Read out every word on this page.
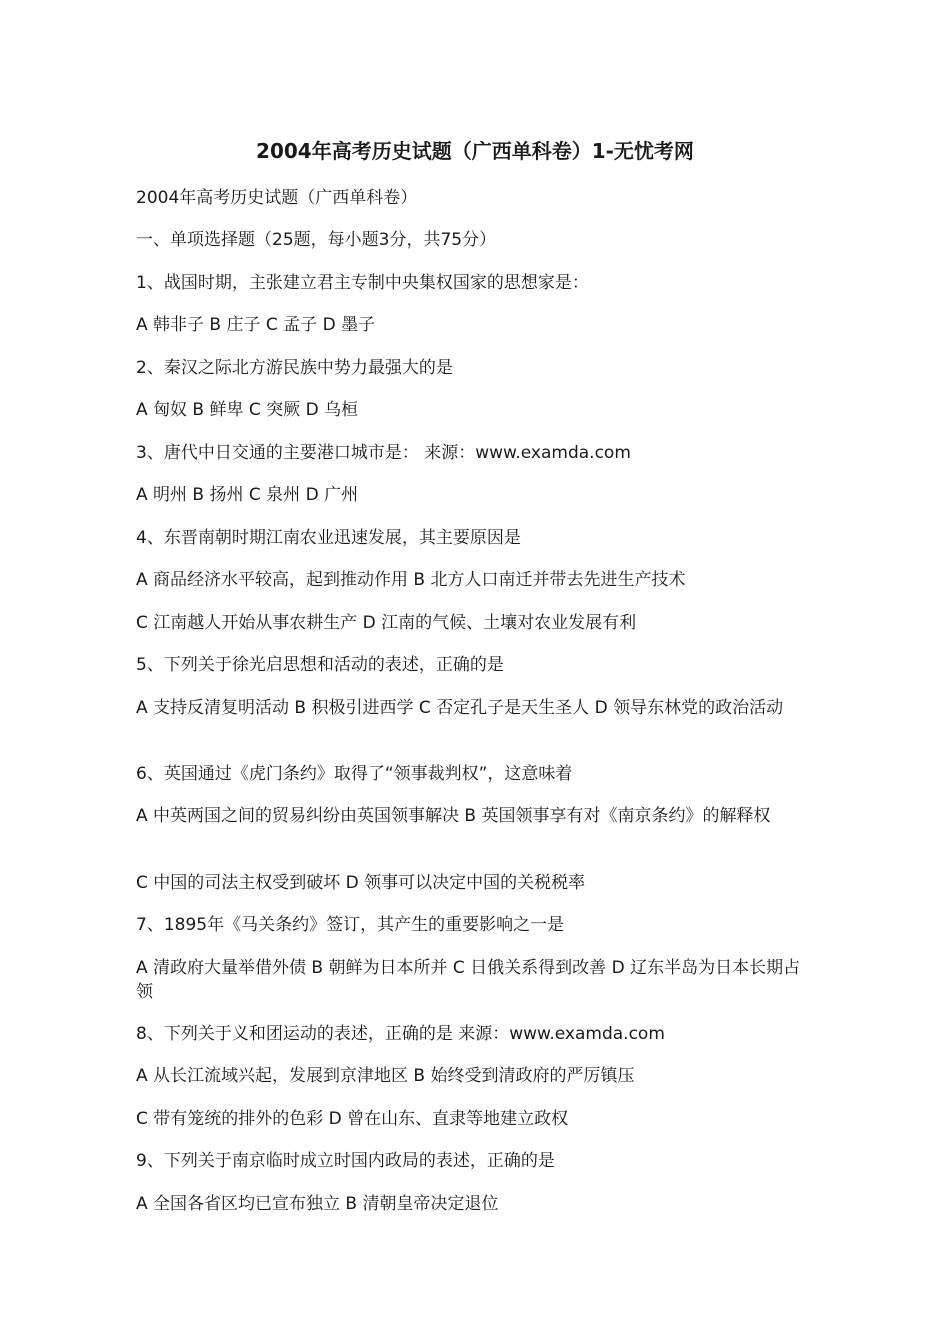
2004年高考历史试题（广西单科卷）1-无忧考网

2004年高考历史试题（广西单科卷）

一、单项选择题（25题，每小题3分，共75分）

1、战国时期，主张建立君主专制中央集权国家的思想家是：

A 韩非子 B 庄子 C 孟子 D 墨子

2、秦汉之际北方游民族中势力最强大的是

A 匈奴 B 鲜卑 C 突厥 D 乌桓

3、唐代中日交通的主要港口城市是： 来源：www.examda.com

A 明州 B 扬州 C 泉州 D 广州

4、东晋南朝时期江南农业迅速发展，其主要原因是

A 商品经济水平较高，起到推动作用 B 北方人口南迁并带去先进生产技术

C 江南越人开始从事农耕生产 D 江南的气候、土壤对农业发展有利

5、下列关于徐光启思想和活动的表述，正确的是

A 支持反清复明活动 B 积极引进西学 C 否定孔子是天生圣人 D 领导东林党的政治活动

6、英国通过《虎门条约》取得了“领事裁判权”，这意味着

A 中英两国之间的贸易纠纷由英国领事解决 B 英国领事享有对《南京条约》的解释权

C 中国的司法主权受到破坏 D 领事可以决定中国的关税税率

7、1895年《马关条约》签订，其产生的重要影响之一是

A 清政府大量举借外债 B 朝鲜为日本所并 C 日俄关系得到改善 D 辽东半岛为日本长期占领

8、下列关于义和团运动的表述，正确的是 来源：www.examda.com

A 从长江流域兴起，发展到京津地区 B 始终受到清政府的严厉镇压

C 带有笼统的排外的色彩 D 曾在山东、直隶等地建立政权

9、下列关于南京临时成立时国内政局的表述，正确的是

A 全国各省区均已宣布独立 B 清朝皇帝决定退位
